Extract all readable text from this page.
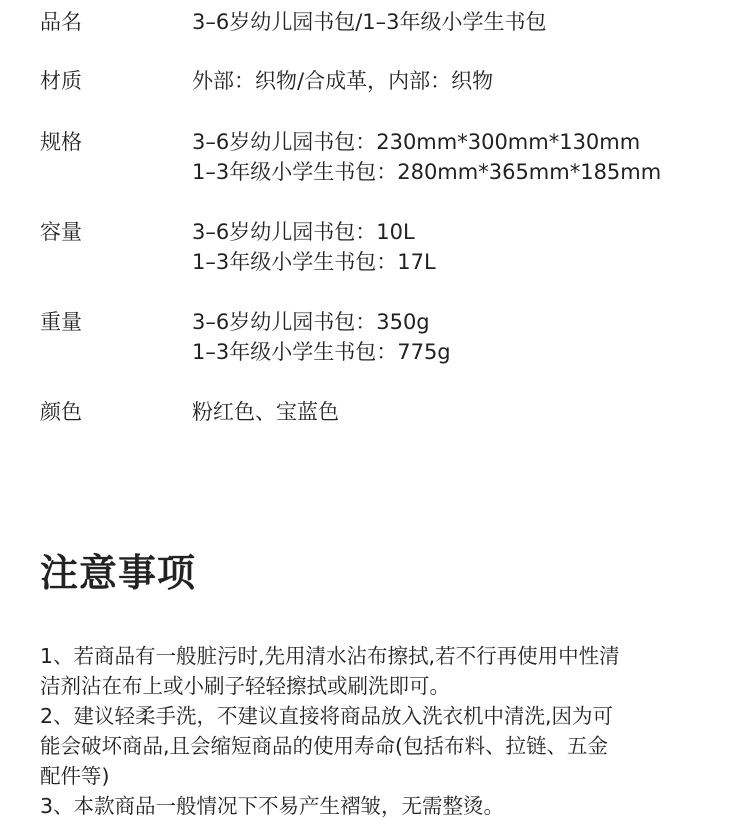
品名	3–6岁幼儿园书包/1–3年级小学生书包
材质	外部：织物/合成革，内部：织物
规格	3–6岁幼儿园书包：230mm*300mm*130mm
1–3年级小学生书包：280mm*365mm*185mm
容量	3–6岁幼儿园书包：10L
1–3年级小学生书包：17L
重量	3–6岁幼儿园书包：350g
1–3年级小学生书包：775g
颜色	粉红色、宝蓝色
注意事项
1、若商品有一般脏污时,先用清水沾布擦拭,若不行再使用中性清
洁剂沾在布上或小刷子轻轻擦拭或刷洗即可。
2、建议轻柔手洗，不建议直接将商品放入洗衣机中清洗,因为可
能会破坏商品,且会缩短商品的使用寿命(包括布料、拉链、五金
配件等)
3、本款商品一般情况下不易产生褶皱，无需整烫。
